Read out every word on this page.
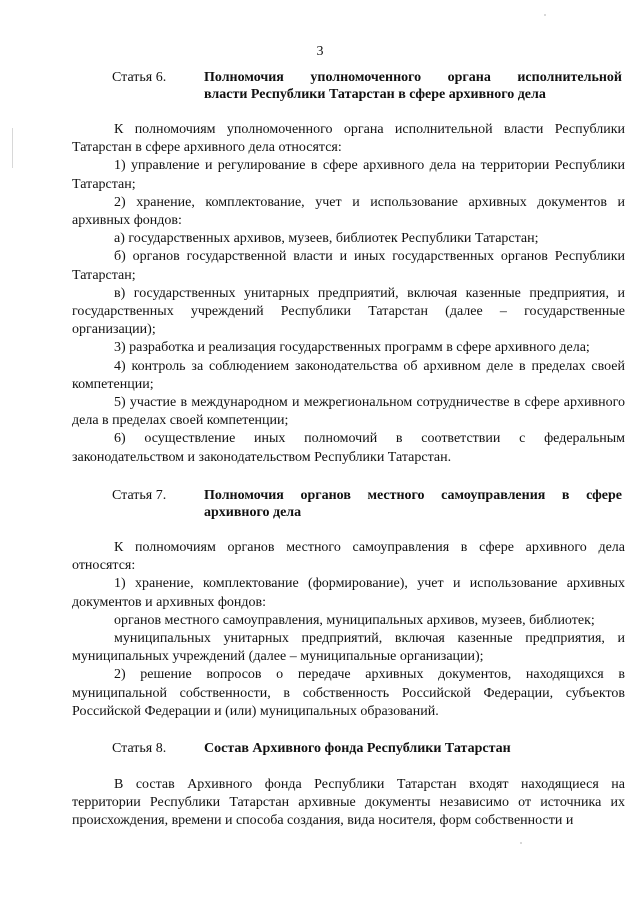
3
Статья 6.	Полномочия уполномоченного органа исполнительной
власти Республики Татарстан в сфере архивного дела

К полномочиям уполномоченного органа исполнительной власти Республики Татарстан в сфере архивного дела относятся:

1) управление и регулирование в сфере архивного дела на территории Республики Татарстан;

2) хранение, комплектование, учет и использование архивных документов и архивных фондов:

а) государственных архивов, музеев, библиотек Республики Татарстан;

б) органов государственной власти и иных государственных органов Республики Татарстан;

в) государственных унитарных предприятий, включая казенные предприятия, и государственных учреждений Республики Татарстан (далее – государственные организации);

3) разработка и реализация государственных программ в сфере архивного дела;

4) контроль за соблюдением законодательства об архивном деле в пределах своей компетенции;

5) участие в международном и межрегиональном сотрудничестве в сфере архивного дела в пределах своей компетенции;

6) осуществление иных полномочий в соответствии с федеральным законодательством и законодательством Республики Татарстан.

Статья 7.	Полномочия органов местного самоуправления в сфере
архивного дела

К полномочиям органов местного самоуправления в сфере архивного дела относятся:

1) хранение, комплектование (формирование), учет и использование архивных документов и архивных фондов:

органов местного самоуправления, муниципальных архивов, музеев, библиотек;

муниципальных унитарных предприятий, включая казенные предприятия, и муниципальных учреждений (далее – муниципальные организации);

2) решение вопросов о передаче архивных документов, находящихся в муниципальной собственности, в собственность Российской Федерации, субъектов Российской Федерации и (или) муниципальных образований.

Статья 8.	Состав Архивного фонда Республики Татарстан

В состав Архивного фонда Республики Татарстан входят находящиеся на территории Республики Татарстан архивные документы независимо от источника их происхождения, времени и способа создания, вида носителя, форм собственности и
